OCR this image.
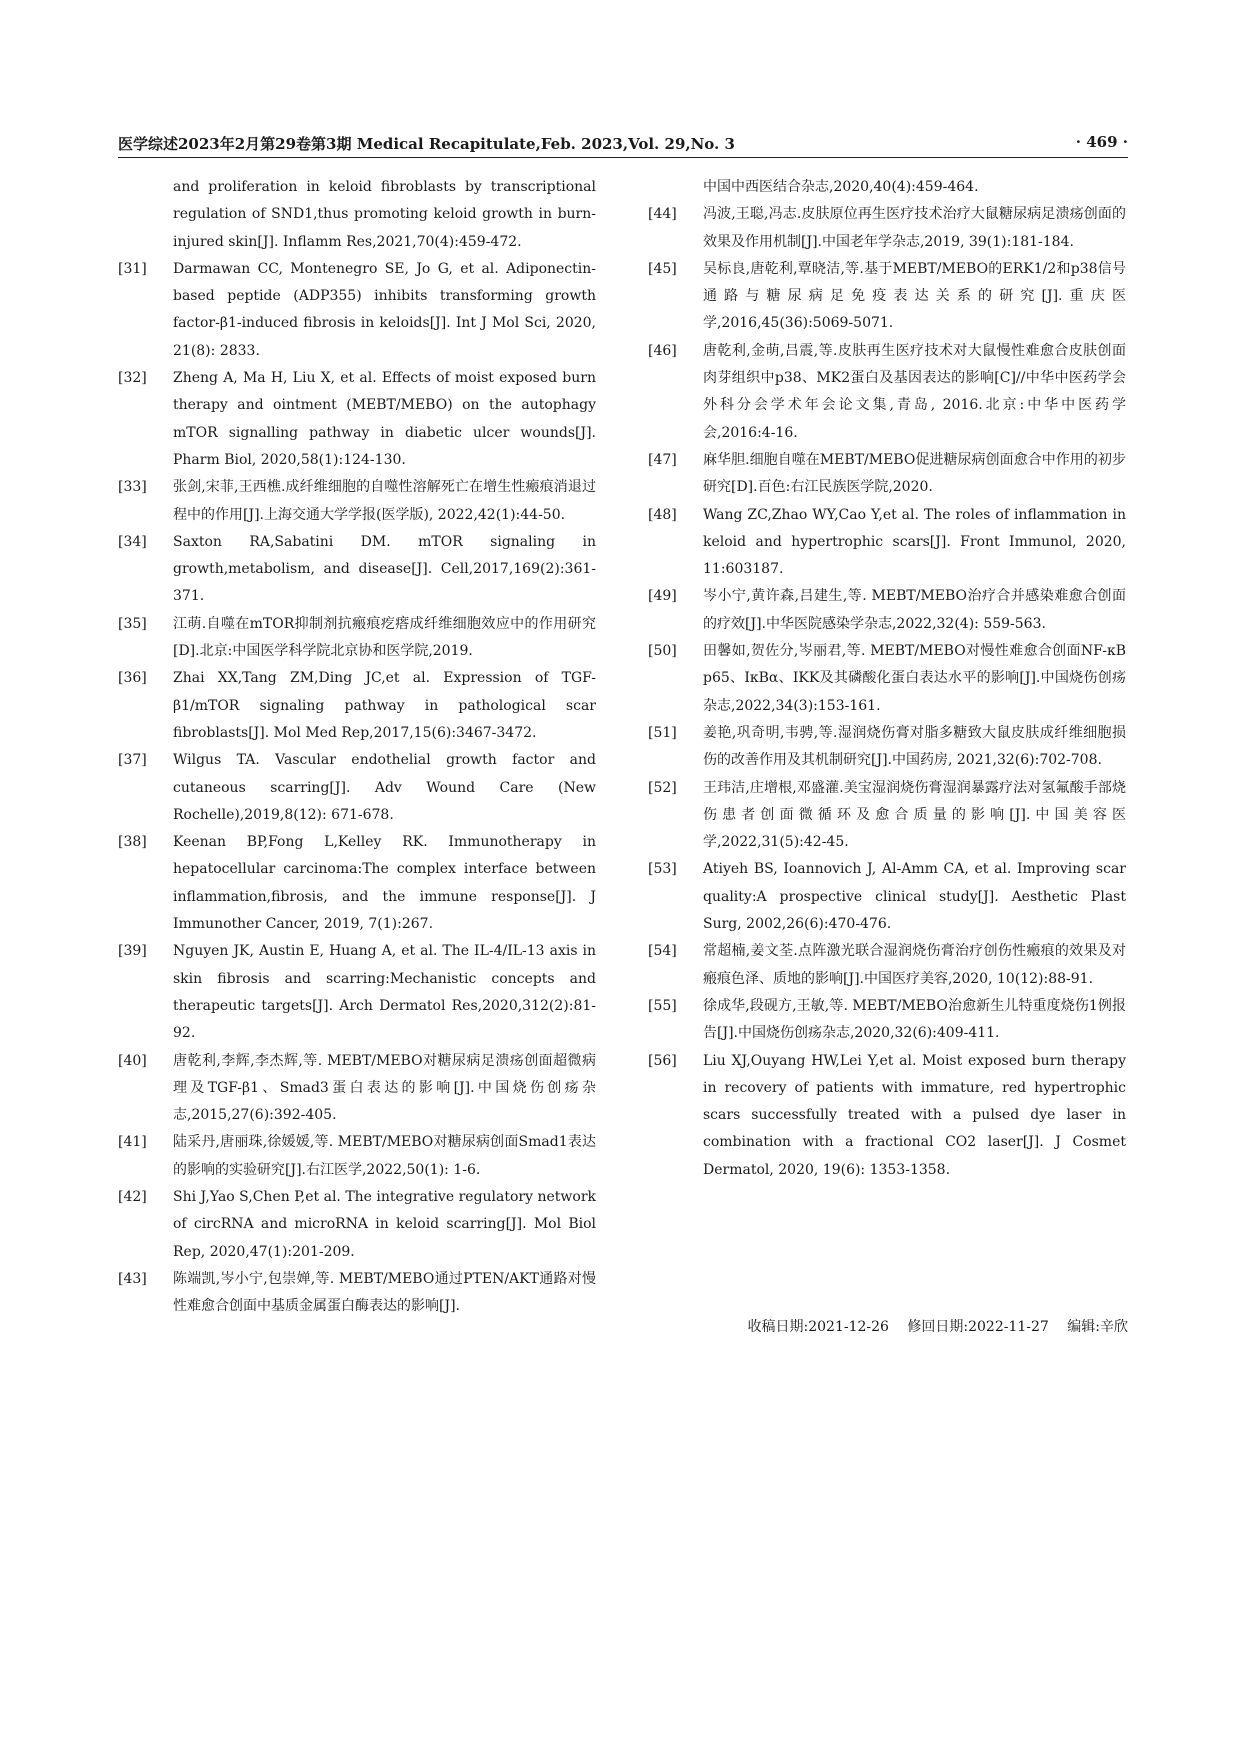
医学综述2023年2月第29卷第3期 Medical Recapitulate,Feb. 2023,Vol. 29,No. 3	· 469 ·
and proliferation in keloid fibroblasts by transcriptional regulation of SND1,thus promoting keloid growth in burn-injured skin[J]. Inflamm Res,2021,70(4):459-472.
[31]	Darmawan CC, Montenegro SE, Jo G, et al. Adiponectin-based peptide (ADP355) inhibits transforming growth factor-β1-induced fibrosis in keloids[J]. Int J Mol Sci, 2020, 21(8): 2833.
[32]	Zheng A, Ma H, Liu X, et al. Effects of moist exposed burn therapy and ointment (MEBT/MEBO) on the autophagy mTOR signalling pathway in diabetic ulcer wounds[J]. Pharm Biol, 2020,58(1):124-130.
[33]	张剑,宋菲,王西樵.成纤维细胞的自噬性溶解死亡在增生性瘢痕消退过程中的作用[J].上海交通大学学报(医学版), 2022,42(1):44-50.
[34]	Saxton RA,Sabatini DM. mTOR signaling in growth,metabolism, and disease[J]. Cell,2017,169(2):361-371.
[35]	江萌.自噬在mTOR抑制剂抗瘢痕疙瘩成纤维细胞效应中的作用研究[D].北京:中国医学科学院北京协和医学院,2019.
[36]	Zhai XX,Tang ZM,Ding JC,et al. Expression of TGF-β1/mTOR signaling pathway in pathological scar fibroblasts[J]. Mol Med Rep,2017,15(6):3467-3472.
[37]	Wilgus TA. Vascular endothelial growth factor and cutaneous scarring[J]. Adv Wound Care (New Rochelle),2019,8(12): 671-678.
[38]	Keenan BP,Fong L,Kelley RK. Immunotherapy in hepatocellular carcinoma:The complex interface between inflammation,fibrosis, and the immune response[J]. J Immunother Cancer, 2019, 7(1):267.
[39]	Nguyen JK, Austin E, Huang A, et al. The IL-4/IL-13 axis in skin fibrosis and scarring:Mechanistic concepts and therapeutic targets[J]. Arch Dermatol Res,2020,312(2):81-92.
[40]	唐乾利,李辉,李杰辉,等. MEBT/MEBO对糖尿病足溃疡创面超微病理及TGF-β1、Smad3蛋白表达的影响[J].中国烧伤创疡杂志,2015,27(6):392-405.
[41]	陆采丹,唐丽珠,徐媛媛,等. MEBT/MEBO对糖尿病创面Smad1表达的影响的实验研究[J].右江医学,2022,50(1): 1-6.
[42]	Shi J,Yao S,Chen P,et al. The integrative regulatory network of circRNA and microRNA in keloid scarring[J]. Mol Biol Rep, 2020,47(1):201-209.
[43]	陈端凯,岑小宁,包崇婵,等. MEBT/MEBO通过PTEN/AKT通路对慢性难愈合创面中基质金属蛋白酶表达的影响[J].
中国中西医结合杂志,2020,40(4):459-464.
[44]	冯波,王聪,冯志.皮肤原位再生医疗技术治疗大鼠糖尿病足溃疡创面的效果及作用机制[J].中国老年学杂志,2019, 39(1):181-184.
[45]	吴标良,唐乾利,覃晓洁,等.基于MEBT/MEBO的ERK1/2和p38信号通路与糖尿病足免疫表达关系的研究[J].重庆医学,2016,45(36):5069-5071.
[46]	唐乾利,金萌,吕震,等.皮肤再生医疗技术对大鼠慢性难愈合皮肤创面肉芽组织中p38、MK2蛋白及基因表达的影响[C]//中华中医药学会外科分会学术年会论文集,青岛, 2016.北京:中华中医药学会,2016:4-16.
[47]	麻华胆.细胞自噬在MEBT/MEBO促进糖尿病创面愈合中作用的初步研究[D].百色:右江民族医学院,2020.
[48]	Wang ZC,Zhao WY,Cao Y,et al. The roles of inflammation in keloid and hypertrophic scars[J]. Front Immunol, 2020, 11:603187.
[49]	岑小宁,黄许森,吕建生,等. MEBT/MEBO治疗合并感染难愈合创面的疗效[J].中华医院感染学杂志,2022,32(4): 559-563.
[50]	田馨如,贺佐分,岑丽君,等. MEBT/MEBO对慢性难愈合创面NF-κB p65、IκBα、IKK及其磷酸化蛋白表达水平的影响[J].中国烧伤创疡杂志,2022,34(3):153-161.
[51]	姜艳,巩奇明,韦骋,等.湿润烧伤膏对脂多糖致大鼠皮肤成纤维细胞损伤的改善作用及其机制研究[J].中国药房, 2021,32(6):702-708.
[52]	王玮洁,庄增根,邓盛灌.美宝湿润烧伤膏湿润暴露疗法对氢氟酸手部烧伤患者创面微循环及愈合质量的影响[J].中国美容医学,2022,31(5):42-45.
[53]	Atiyeh BS, Ioannovich J, Al-Amm CA, et al. Improving scar quality:A prospective clinical study[J]. Aesthetic Plast Surg, 2002,26(6):470-476.
[54]	常超楠,姜文荃.点阵激光联合湿润烧伤膏治疗创伤性瘢痕的效果及对瘢痕色泽、质地的影响[J].中国医疗美容,2020, 10(12):88-91.
[55]	徐成华,段砚方,王敏,等. MEBT/MEBO治愈新生儿特重度烧伤1例报告[J].中国烧伤创疡杂志,2020,32(6):409-411.
[56]	Liu XJ,Ouyang HW,Lei Y,et al. Moist exposed burn therapy in recovery of patients with immature, red hypertrophic scars successfully treated with a pulsed dye laser in combination with a fractional CO2 laser[J]. J Cosmet Dermatol, 2020, 19(6): 1353-1358.
收稿日期:2021-12-26 修回日期:2022-11-27 编辑:辛欣
